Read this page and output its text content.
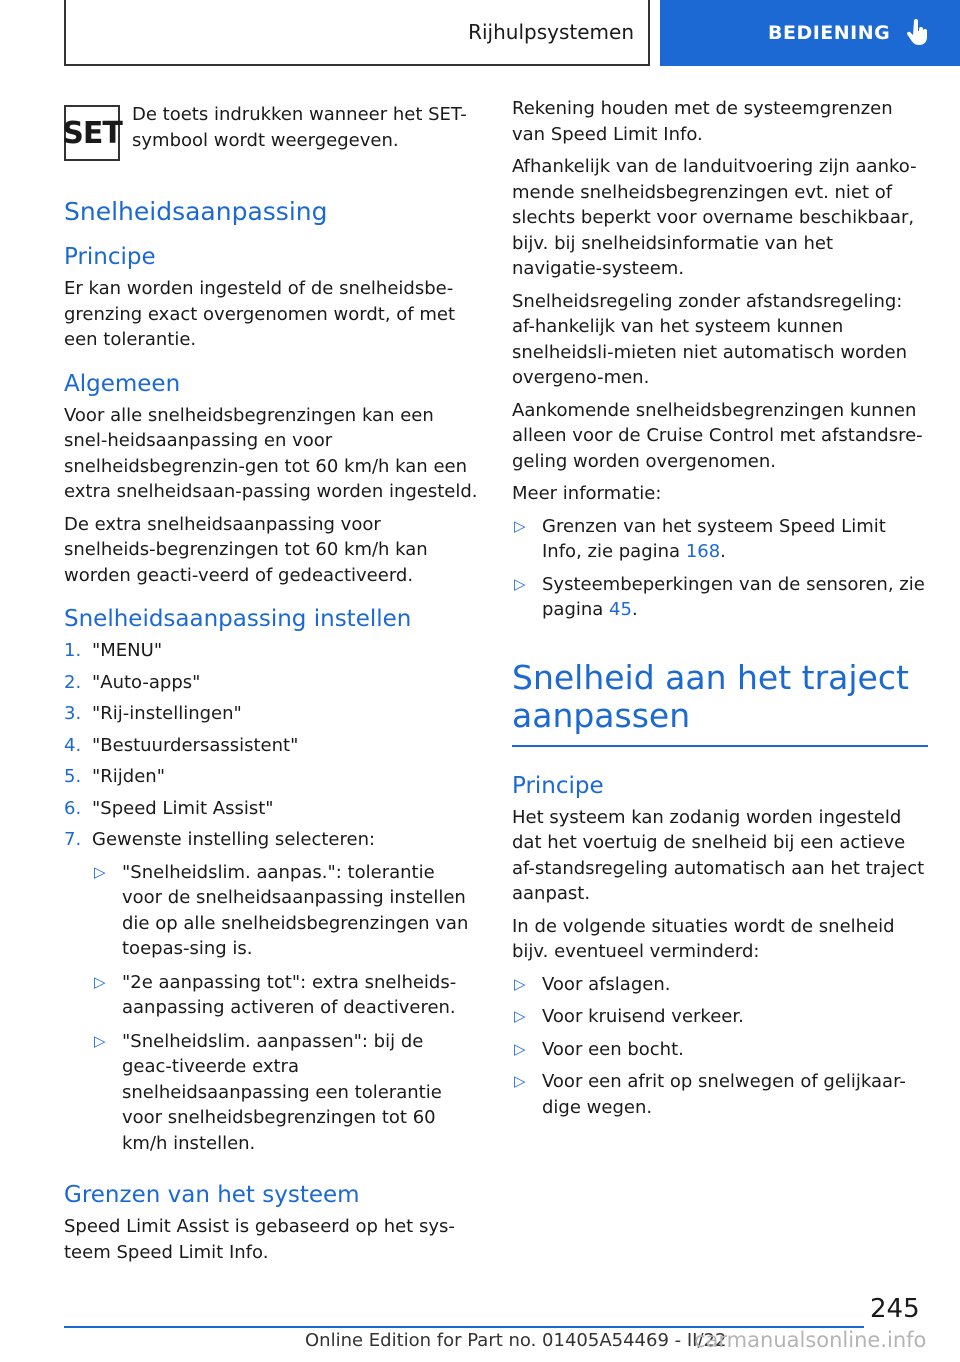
Rijhulpsystemen	BEDIENING
SET

De toets indrukken wanneer het SET-symbool wordt weergegeven.

Snelheidsaanpassing
Principe

Er kan worden ingesteld of de snelheidsbe-grenzing exact overgenomen wordt, of met een tolerantie.

Algemeen

Voor alle snelheidsbegrenzingen kan een snel-heidsaanpassing en voor snelheidsbegrenzin-gen tot 60 km/h kan een extra snelheidsaan-passing worden ingesteld.

De extra snelheidsaanpassing voor snelheids-begrenzingen tot 60 km/h kan worden geacti-veerd of gedeactiveerd.

Snelheidsaanpassing instellen
1. "MENU"
2. "Auto-apps"
3. "Rij-instellingen"
4. "Bestuurdersassistent"
5. "Rijden"
6. "Speed Limit Assist"
7. Gewenste instelling selecteren:
▷ "Snelheidslim. aanpas.": tolerantie voor de snelheidsaanpassing instellen die op alle snelheidsbegrenzingen van toepas-sing is.
▷ "2e aanpassing tot": extra snelheids-aanpassing activeren of deactiveren.
▷ "Snelheidslim. aanpassen": bij de geac-tiveerde extra snelheidsaanpassing een tolerantie voor snelheidsbegrenzingen tot 60 km/h instellen.
Grenzen van het systeem

Speed Limit Assist is gebaseerd op het sys-teem Speed Limit Info.

Rekening houden met de systeemgrenzen van Speed Limit Info.

Afhankelijk van de landuitvoering zijn aanko-mende snelheidsbegrenzingen evt. niet of slechts beperkt voor overname beschikbaar, bijv. bij snelheidsinformatie van het navigatie-systeem.

Snelheidsregeling zonder afstandsregeling: af-hankelijk van het systeem kunnen snelheidsli-mieten niet automatisch worden overgeno-men.

Aankomende snelheidsbegrenzingen kunnen alleen voor de Cruise Control met afstandsre-geling worden overgenomen.

Meer informatie:

▷ Grenzen van het systeem Speed Limit Info, zie pagina 168.
▷ Systeembeperkingen van de sensoren, zie pagina 45.
Snelheid aan het traject aanpassen
Principe

Het systeem kan zodanig worden ingesteld dat het voertuig de snelheid bij een actieve af-standsregeling automatisch aan het traject aanpast.

In de volgende situaties wordt de snelheid bijv. eventueel verminderd:

▷ Voor afslagen.
▷ Voor kruisend verkeer.
▷ Voor een bocht.
▷ Voor een afrit op snelwegen of gelijkaar-dige wegen.
245
Online Edition for Part no. 01405A54469 - II/22
carmanualsonline.info
